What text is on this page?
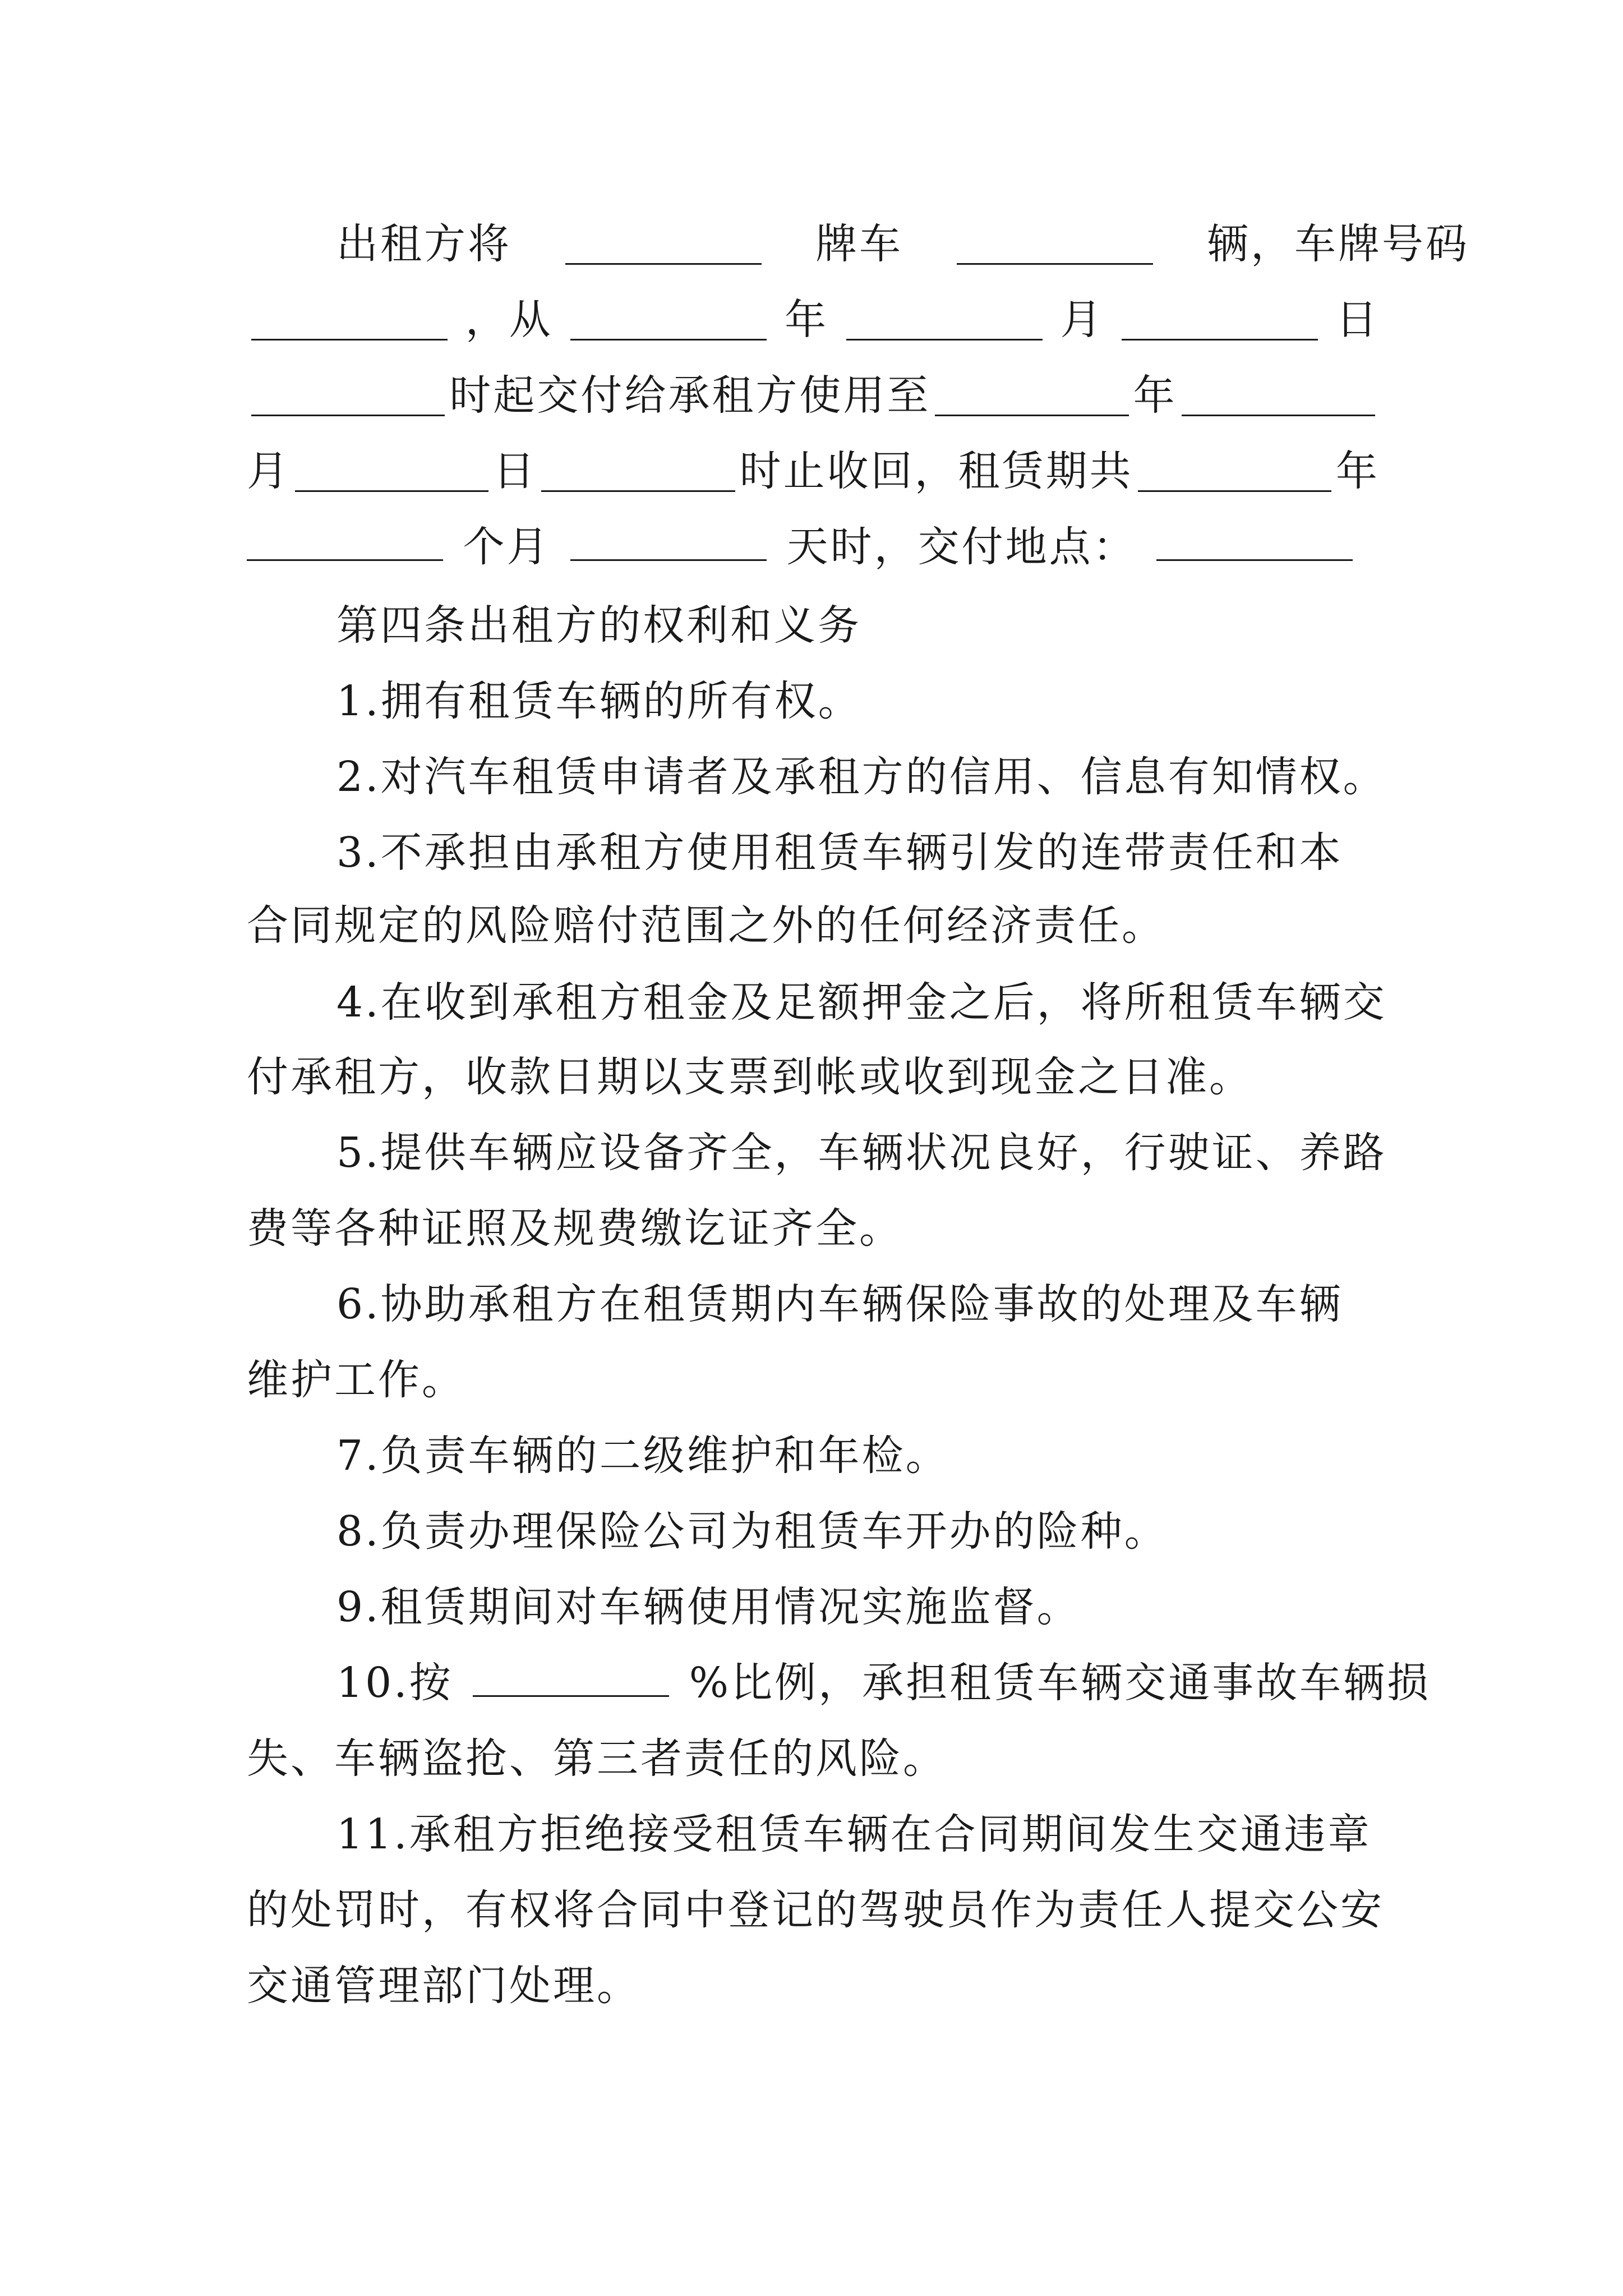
出租方将	牌车	辆，车牌号码
，从	年	月	日
时起交付给承租方使用至	年
月	日	时止收回，租赁期共	年
个月	天时，交付地点：
第四条出租方的权利和义务
1.拥有租赁车辆的所有权。
2.对汽车租赁申请者及承租方的信用、信息有知情权。
3.不承担由承租方使用租赁车辆引发的连带责任和本
合同规定的风险赔付范围之外的任何经济责任。
4.在收到承租方租金及足额押金之后，将所租赁车辆交
付承租方，收款日期以支票到帐或收到现金之日准。
5.提供车辆应设备齐全，车辆状况良好，行驶证、养路
费等各种证照及规费缴讫证齐全。
6.协助承租方在租赁期内车辆保险事故的处理及车辆
维护工作。
7.负责车辆的二级维护和年检。
8.负责办理保险公司为租赁车开办的险种。
9.租赁期间对车辆使用情况实施监督。
10.按	%比例，承担租赁车辆交通事故车辆损
失、车辆盗抢、第三者责任的风险。
11.承租方拒绝接受租赁车辆在合同期间发生交通违章
的处罚时，有权将合同中登记的驾驶员作为责任人提交公安
交通管理部门处理。
